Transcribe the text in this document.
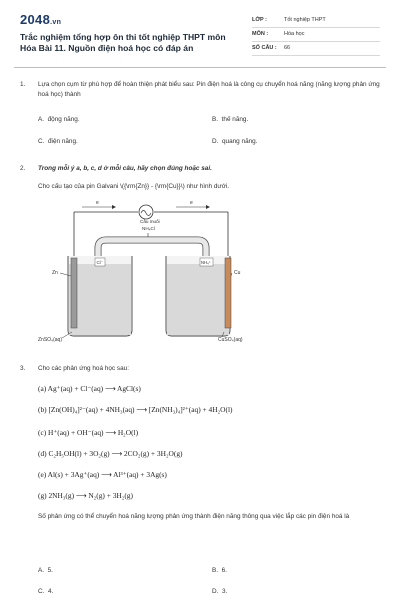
2048.vn
Trắc nghiệm tổng hợp ôn thi tốt nghiệp THPT môn Hóa Bài 11. Nguồn điện hoá học có đáp án
LỚP :	Tốt nghiệp THPT
MÔN :	Hóa học
SỐ CÂU : 66
1. Lựa chọn cụm từ phù hợp để hoàn thiện phát biểu sau: Pin điện hoá là công cụ chuyển hoá năng (năng lượng phản ứng hoá học) thành
A. động năng.	B. thế năng.
C. điện năng.	D. quang năng.
2. Trong mỗi ý a, b, c, d ở mỗi câu, hãy chọn đúng hoặc sai.
Cho cấu tạo của pin Galvani \({\rm{Zn}} - {\rm{Cu}}\) như hình dưới.
e	e
Cầu muối
NH₄Cl
Cl⁻	NH₄⁺
Zn	Cu
ZnSO₄(aq)	CuSO₄(aq)
3. Cho các phản ứng hoá học sau:
(a) Ag⁺(aq) + Cl⁻(aq) ⟶ AgCl(s)
(b) [Zn(OH)₄]²⁻(aq) + 4NH₃(aq) ⟶ [Zn(NH₃)₄]²⁺(aq) + 4H₂O(l)
(c) H⁺(aq) + OH⁻(aq) ⟶ H₂O(l)
(d) C₂H₅OH(l) + 3O₂(g) ⟶ 2CO₂(g) + 3H₂O(g)
(e) Al(s) + 3Ag⁺(aq) ⟶ Al³⁺(aq) + 3Ag(s)
(g) 2NH₃(g) ⟶ N₂(g) + 3H₂(g)
Số phản ứng có thể chuyển hoá năng lượng phản ứng thành điện năng thông qua việc lắp các pin điện hoá là
A. 5.	B. 6.
C. 4.	D. 3.
